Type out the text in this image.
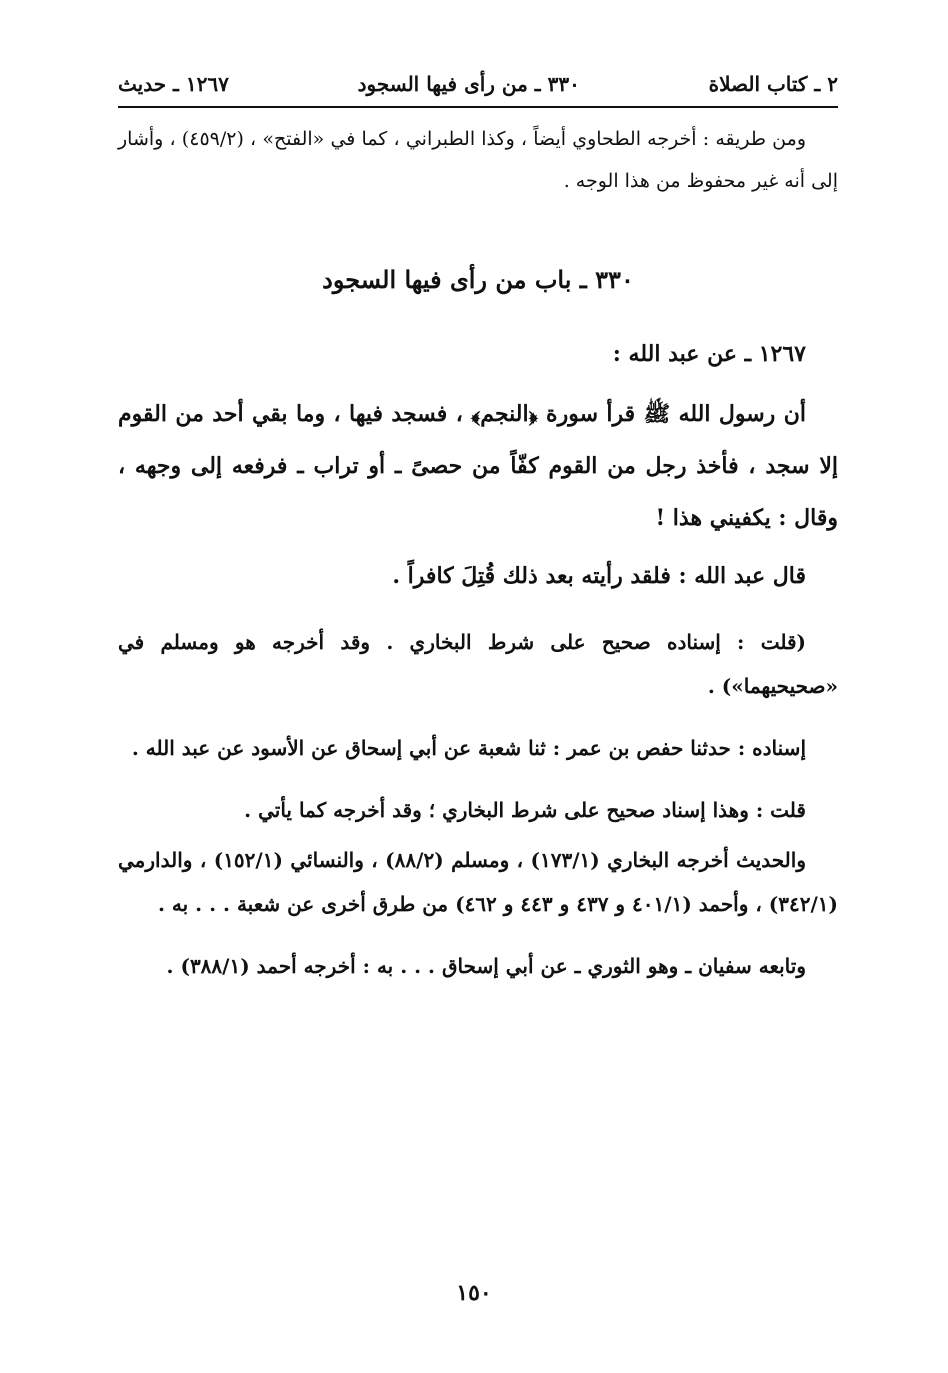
٢ ـ كتاب الصلاة
٣٣٠ ـ من رأى فيها السجود
١٢٦٧ ـ حديث

ومن طريقه : أخرجه الطحاوي أيضاً ، وكذا الطبراني ، كما في «الفتح» ، (٤٥٩/٢) ، وأشار إلى أنه غير محفوظ من هذا الوجه .

٣٣٠ ـ باب من رأى فيها السجود

١٢٦٧ ـ عن عبد الله :

أن رسول الله ﷺ قرأ سورة ﴿النجم﴾ ، فسجد فيها ، وما بقي أحد من القوم إلا سجد ، فأخذ رجل من القوم كفّاً من حصىً ـ أو تراب ـ فرفعه إلى وجهه ، وقال : يكفيني هذا !

قال عبد الله : فلقد رأيته بعد ذلك قُتِلَ كافراً .

(قلت : إسناده صحيح على شرط البخاري . وقد أخرجه هو ومسلم في «صحيحيهما») .

إسناده : حدثنا حفص بن عمر : ثنا شعبة عن أبي إسحاق عن الأسود عن عبد الله .

قلت : وهذا إسناد صحيح على شرط البخاري ؛ وقد أخرجه كما يأتي .

والحديث أخرجه البخاري (١٧٣/١) ، ومسلم (٨٨/٢) ، والنسائي (١٥٢/١) ، والدارمي (٣٤٢/١) ، وأحمد (٤٠١/١ و ٤٣٧ و ٤٤٣ و ٤٦٢) من طرق أخرى عن شعبة . . . به .

وتابعه سفيان ـ وهو الثوري ـ عن أبي إسحاق . . . به : أخرجه أحمد (٣٨٨/١) .

١٥٠
